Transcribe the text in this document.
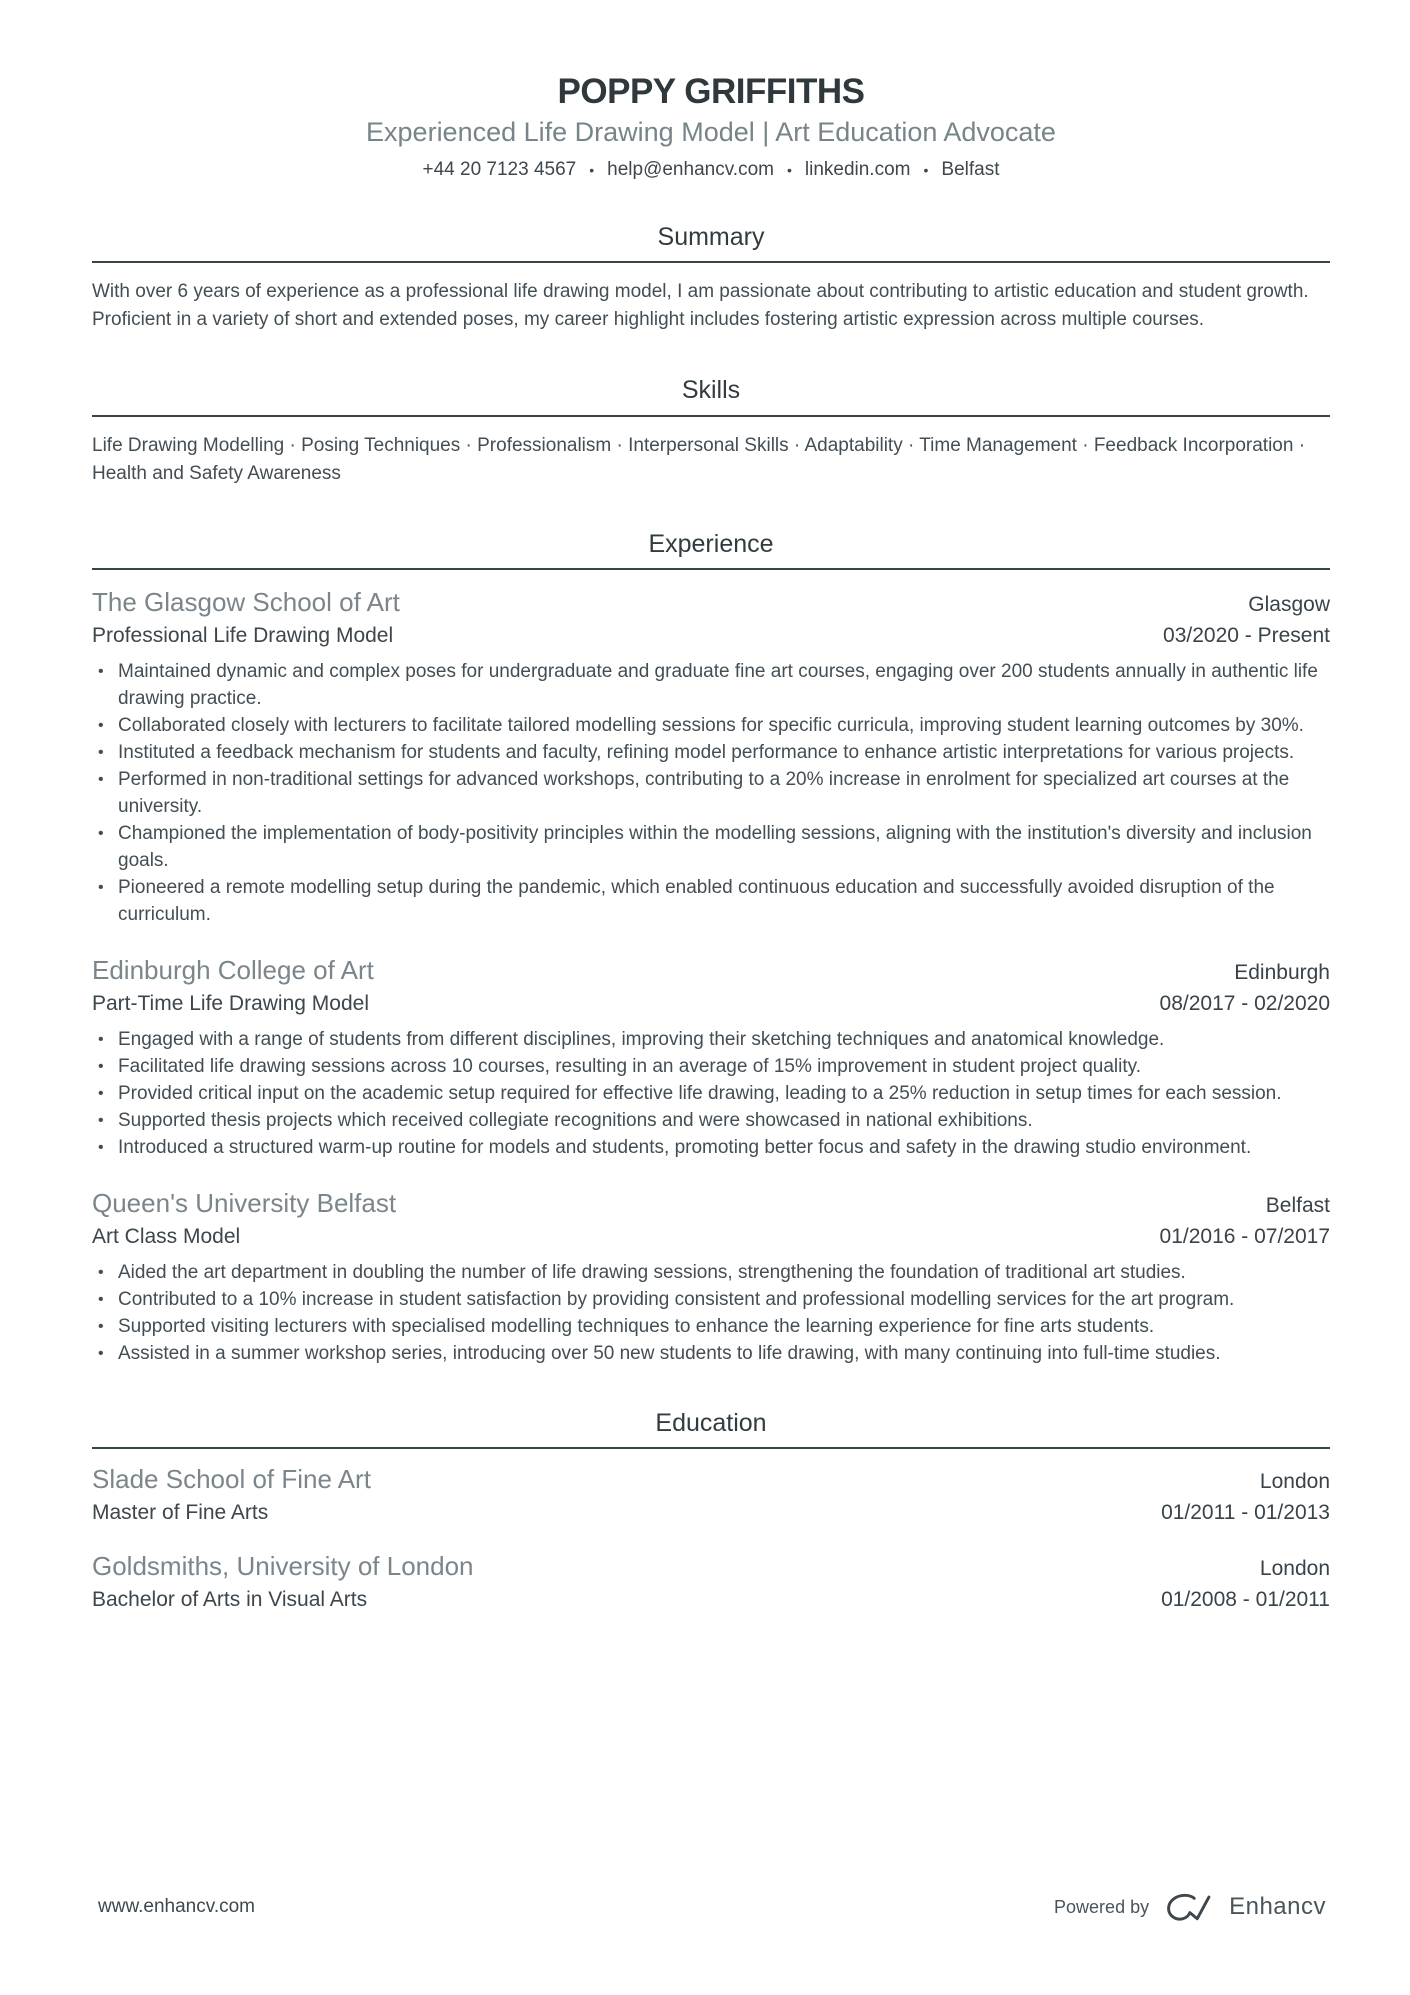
POPPY GRIFFITHS
Experienced Life Drawing Model | Art Education Advocate
+44 20 7123 4567 • help@enhancv.com • linkedin.com • Belfast
Summary

With over 6 years of experience as a professional life drawing model, I am passionate about contributing to artistic education and student growth. Proficient in a variety of short and extended poses, my career highlight includes fostering artistic expression across multiple courses.

Skills

Life Drawing Modelling · Posing Techniques · Professionalism · Interpersonal Skills · Adaptability · Time Management · Feedback Incorporation · Health and Safety Awareness

Experience
The Glasgow School of Art	Glasgow
Professional Life Drawing Model	03/2020 - Present
• Maintained dynamic and complex poses for undergraduate and graduate fine art courses, engaging over 200 students annually in authentic life drawing practice.
• Collaborated closely with lecturers to facilitate tailored modelling sessions for specific curricula, improving student learning outcomes by 30%.
• Instituted a feedback mechanism for students and faculty, refining model performance to enhance artistic interpretations for various projects.
• Performed in non-traditional settings for advanced workshops, contributing to a 20% increase in enrolment for specialized art courses at the university.
• Championed the implementation of body-positivity principles within the modelling sessions, aligning with the institution's diversity and inclusion goals.
• Pioneered a remote modelling setup during the pandemic, which enabled continuous education and successfully avoided disruption of the curriculum.
Edinburgh College of Art	Edinburgh
Part-Time Life Drawing Model	08/2017 - 02/2020
• Engaged with a range of students from different disciplines, improving their sketching techniques and anatomical knowledge.
• Facilitated life drawing sessions across 10 courses, resulting in an average of 15% improvement in student project quality.
• Provided critical input on the academic setup required for effective life drawing, leading to a 25% reduction in setup times for each session.
• Supported thesis projects which received collegiate recognitions and were showcased in national exhibitions.
• Introduced a structured warm-up routine for models and students, promoting better focus and safety in the drawing studio environment.
Queen's University Belfast	Belfast
Art Class Model	01/2016 - 07/2017
• Aided the art department in doubling the number of life drawing sessions, strengthening the foundation of traditional art studies.
• Contributed to a 10% increase in student satisfaction by providing consistent and professional modelling services for the art program.
• Supported visiting lecturers with specialised modelling techniques to enhance the learning experience for fine arts students.
• Assisted in a summer workshop series, introducing over 50 new students to life drawing, with many continuing into full-time studies.
Education
Slade School of Fine Art	London
Master of Fine Arts	01/2011 - 01/2013
Goldsmiths, University of London	London
Bachelor of Arts in Visual Arts	01/2008 - 01/2011
www.enhancv.com	Powered by	Enhancv
